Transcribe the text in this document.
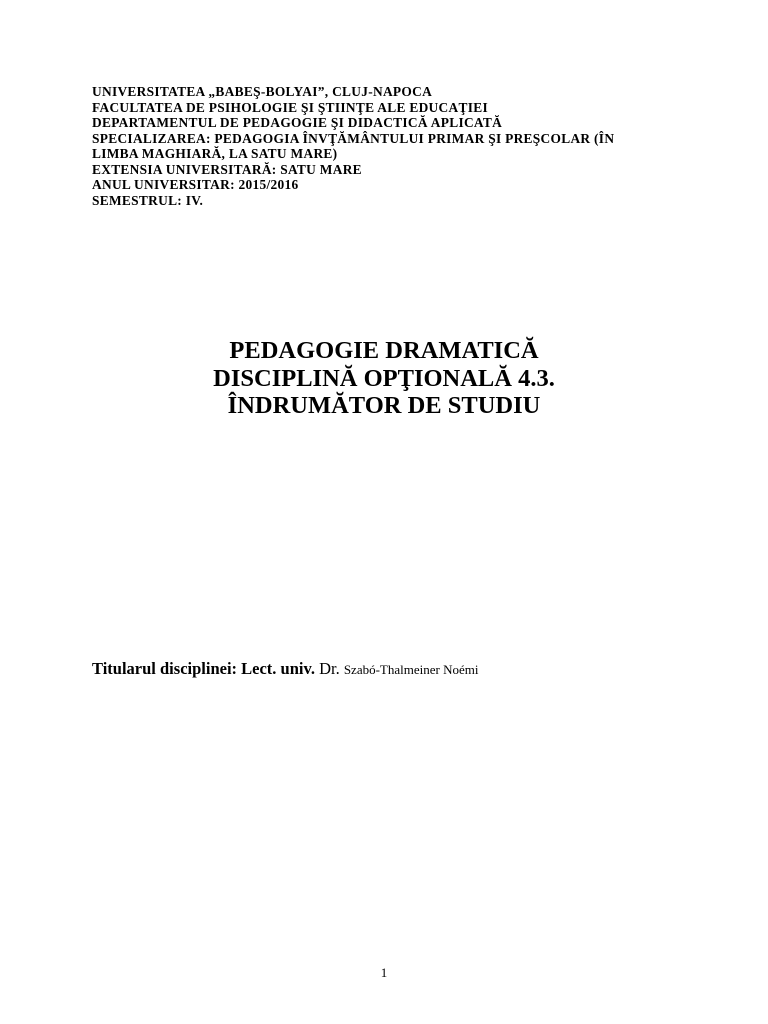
UNIVERSITATEA „BABEŞ-BOLYAI”, CLUJ-NAPOCA
FACULTATEA DE PSIHOLOGIE ŞI ŞTIINŢE ALE EDUCAŢIEI
DEPARTAMENTUL DE PEDAGOGIE ŞI DIDACTICĂ APLICATĂ
SPECIALIZAREA: PEDAGOGIA ÎNVŢĂMÂNTULUI PRIMAR ŞI PREŞCOLAR (ÎN
LIMBA MAGHIARĂ, LA SATU MARE)
EXTENSIA UNIVERSITARĂ: SATU MARE
ANUL UNIVERSITAR: 2015/2016
SEMESTRUL: IV.
PEDAGOGIE DRAMATICĂ
DISCIPLINĂ OPŢIONALĂ 4.3.
ÎNDRUMĂTOR DE STUDIU
Titularul disciplinei: Lect. univ. Dr. Szabó-Thalmeiner Noémi
1
